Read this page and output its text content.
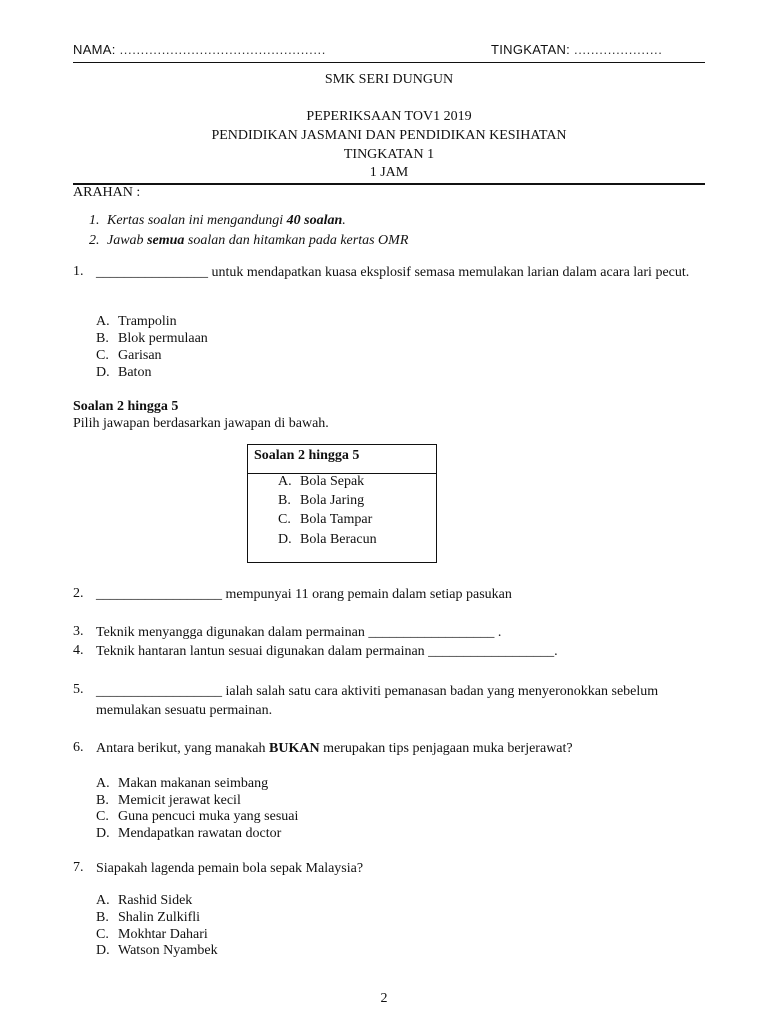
NAMA: .................................................	TINGKATAN: .....................
SMK SERI DUNGUN
PEPERIKSAAN TOV1 2019
PENDIDIKAN JASMANI DAN PENDIDIKAN KESIHATAN
TINGKATAN 1
1 JAM
ARAHAN :
1. Kertas soalan ini mengandungi 40 soalan.
2. Jawab semua soalan dan hitamkan pada kertas OMR
1. ________________ untuk mendapatkan kuasa eksplosif semasa memulakan larian dalam acara lari pecut.
A. Trampolin
B. Blok permulaan
C. Garisan
D. Baton
Soalan 2 hingga 5
Pilih jawapan berdasarkan jawapan di bawah.
Soalan 2 hingga 5
A. Bola Sepak
B. Bola Jaring
C. Bola Tampar
D. Bola Beracun
2. __________________ mempunyai 11 orang pemain dalam setiap pasukan
3. Teknik menyangga digunakan dalam permainan __________________ .
4. Teknik hantaran lantun sesuai digunakan dalam permainan __________________.
5. __________________ ialah salah satu cara aktiviti pemanasan badan yang menyeronokkan sebelum memulakan sesuatu permainan.
6. Antara berikut, yang manakah BUKAN merupakan tips penjagaan muka berjerawat?
A. Makan makanan seimbang
B. Memicit jerawat kecil
C. Guna pencuci muka yang sesuai
D. Mendapatkan rawatan doctor
7. Siapakah lagenda pemain bola sepak Malaysia?
A. Rashid Sidek
B. Shalin Zulkifli
C. Mokhtar Dahari
D. Watson Nyambek
2
